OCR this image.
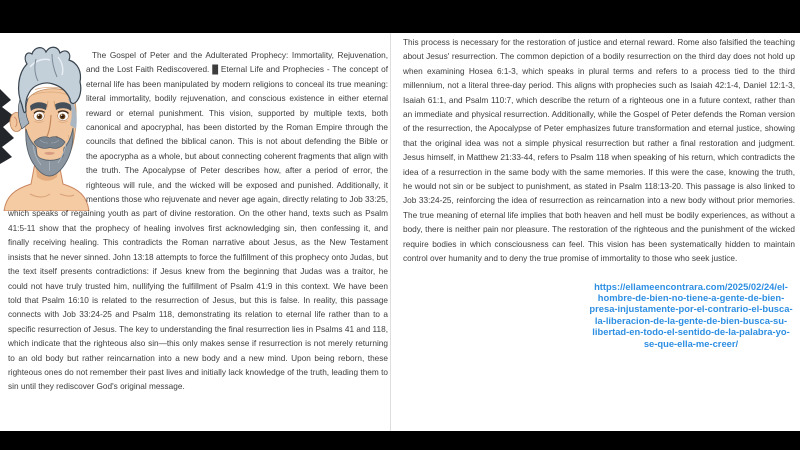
The Gospel of Peter and the Adulterated Prophecy: Immortality, Rejuvenation, and the Lost Faith Rediscovered. █ Eternal Life and Prophecies - The concept of eternal life has been manipulated by modern religions to conceal its true meaning: literal immortality, bodily rejuvenation, and conscious existence in either eternal reward or eternal punishment. This vision, supported by multiple texts, both canonical and apocryphal, has been distorted by the Roman Empire through the councils that defined the biblical canon. This is not about defending the Bible or the apocrypha as a whole, but about connecting coherent fragments that align with the truth. The Apocalypse of Peter describes how, after a period of error, the righteous will rule, and the wicked will be exposed and punished. Additionally, it mentions those who rejuvenate and never age again, directly relating to Job 33:25, which speaks of regaining youth as part of divine restoration. On the other hand, texts such as Psalm 41:5-11 show that the prophecy of healing involves first acknowledging sin, then confessing it, and finally receiving healing. This contradicts the Roman narrative about Jesus, as the New Testament insists that he never sinned. John 13:18 attempts to force the fulfillment of this prophecy onto Judas, but the text itself presents contradictions: if Jesus knew from the beginning that Judas was a traitor, he could not have truly trusted him, nullifying the fulfillment of Psalm 41:9 in this context. We have been told that Psalm 16:10 is related to the resurrection of Jesus, but this is false. In reality, this passage connects with Job 33:24-25 and Psalm 118, demonstrating its relation to eternal life rather than to a specific resurrection of Jesus. The key to understanding the final resurrection lies in Psalms 41 and 118, which indicate that the righteous also sin—this only makes sense if resurrection is not merely returning to an old body but rather reincarnation into a new body and a new mind. Upon being reborn, these righteous ones do not remember their past lives and initially lack knowledge of the truth, leading them to sin until they rediscover God's original message.

This process is necessary for the restoration of justice and eternal reward. Rome also falsified the teaching about Jesus' resurrection. The common depiction of a bodily resurrection on the third day does not hold up when examining Hosea 6:1-3, which speaks in plural terms and refers to a process tied to the third millennium, not a literal three-day period. This aligns with prophecies such as Isaiah 42:1-4, Daniel 12:1-3, Isaiah 61:1, and Psalm 110:7, which describe the return of a righteous one in a future context, rather than an immediate and physical resurrection. Additionally, while the Gospel of Peter defends the Roman version of the resurrection, the Apocalypse of Peter emphasizes future transformation and eternal justice, showing that the original idea was not a simple physical resurrection but rather a final restoration and judgment. Jesus himself, in Matthew 21:33-44, refers to Psalm 118 when speaking of his return, which contradicts the idea of a resurrection in the same body with the same memories. If this were the case, knowing the truth, he would not sin or be subject to punishment, as stated in Psalm 118:13-20. This passage is also linked to Job 33:24-25, reinforcing the idea of resurrection as reincarnation into a new body without prior memories. The true meaning of eternal life implies that both heaven and hell must be bodily experiences, as without a body, there is neither pain nor pleasure. The restoration of the righteous and the punishment of the wicked require bodies in which consciousness can feel. This vision has been systematically hidden to maintain control over humanity and to deny the true promise of immortality to those who seek justice.

https://ellameencontrara.com/2025/02/24/el-hombre-de-bien-no-tiene-a-gente-de-bien-presa-injustamente-por-el-contrario-el-busca-la-liberacion-de-la-gente-de-bien-busca-su-libertad-en-todo-el-sentido-de-la-palabra-yo-se-que-ella-me-creer/
